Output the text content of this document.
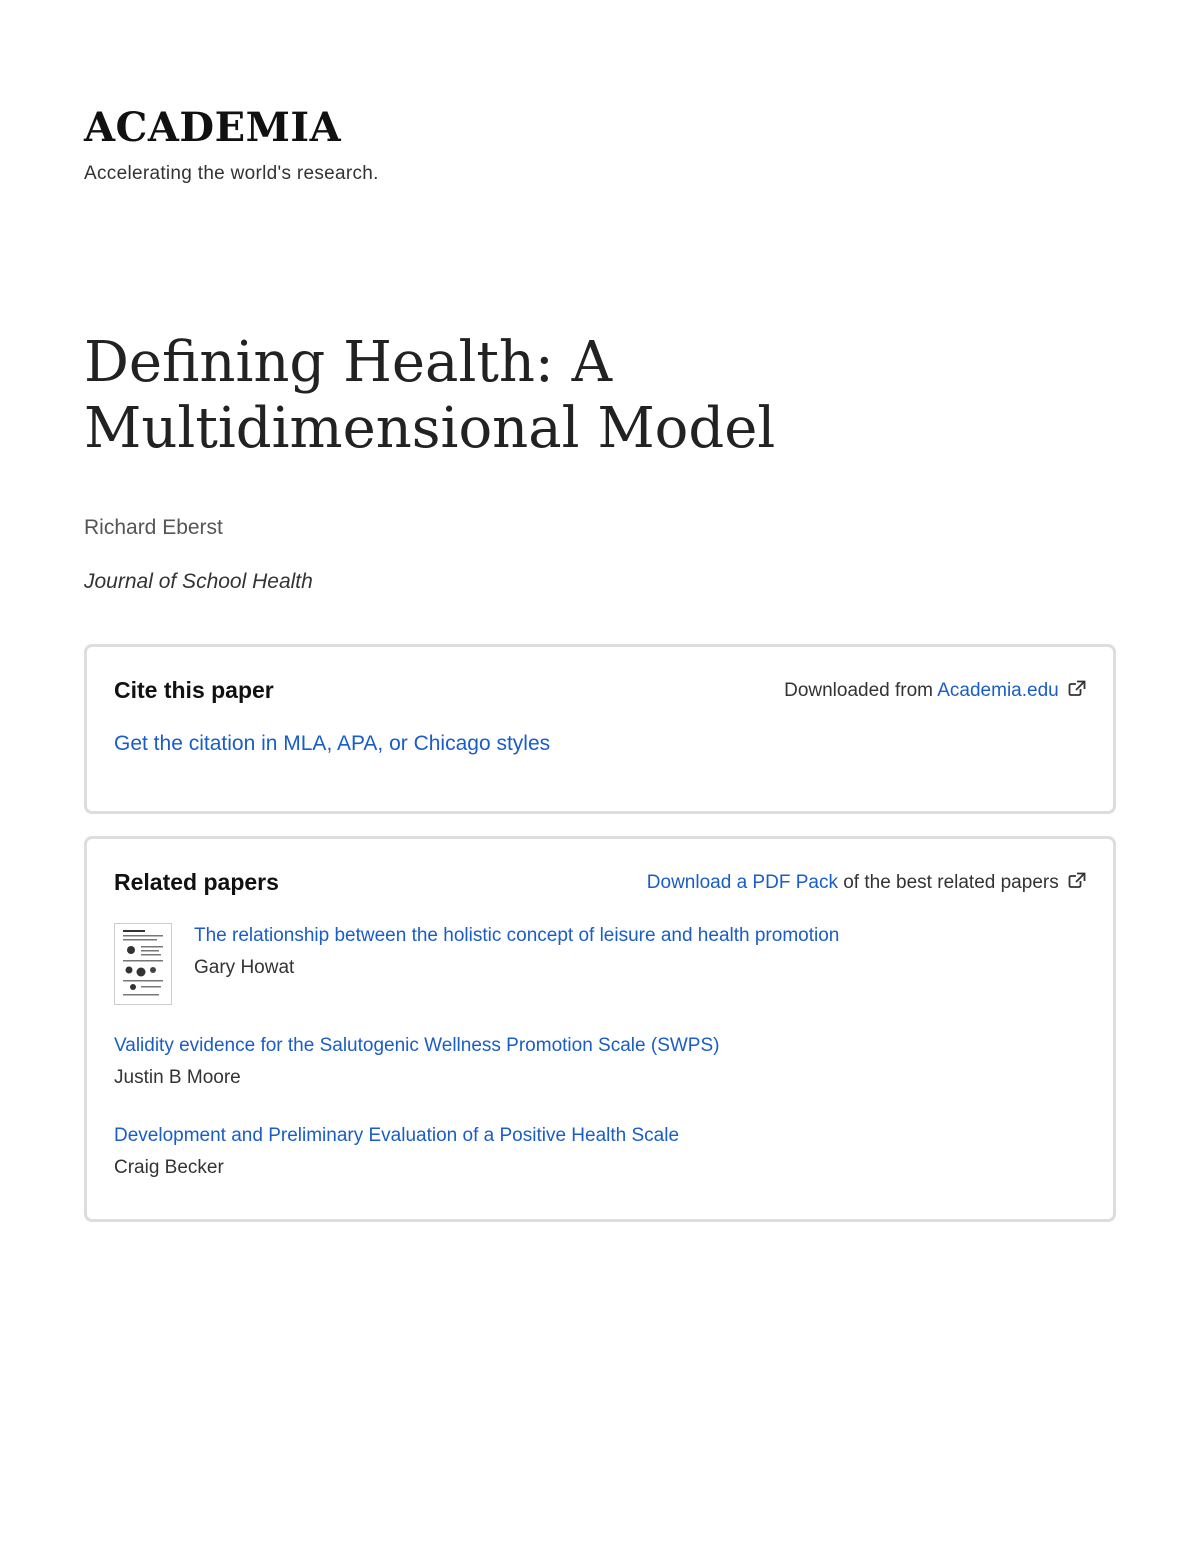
ACADEMIA
Accelerating the world's research.
Defining Health: A Multidimensional Model
Richard Eberst
Journal of School Health
Cite this paper	Downloaded from Academia.edu
Get the citation in MLA, APA, or Chicago styles
Related papers	Download a PDF Pack of the best related papers
The relationship between the holistic concept of leisure and health promotion
Gary Howat
Validity evidence for the Salutogenic Wellness Promotion Scale (SWPS)
Justin B Moore
Development and Preliminary Evaluation of a Positive Health Scale
Craig Becker
